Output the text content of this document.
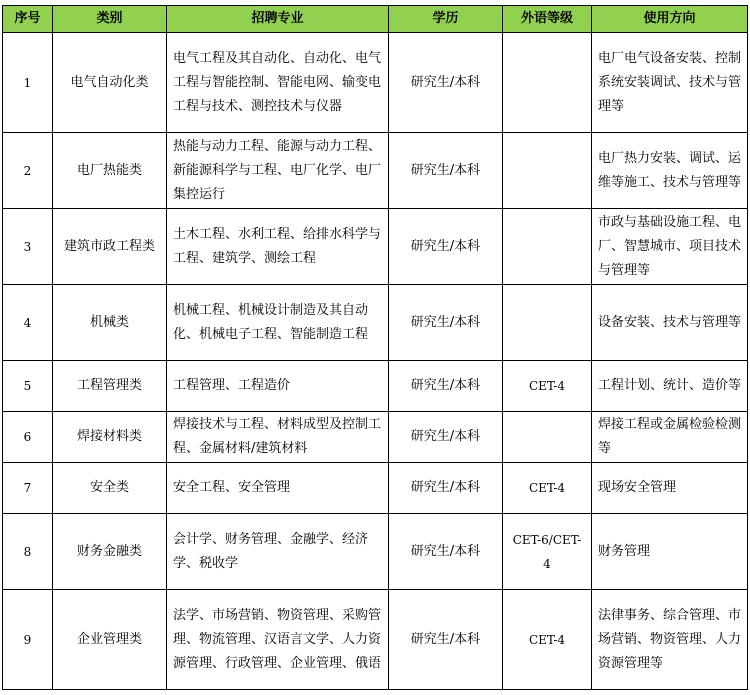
序号	类别	招聘专业	学历	外语等级	使用方向
1	电气自动化类	电气工程及其自动化、自动化、电气工程与智能控制、智能电网、输变电工程与技术、测控技术与仪器	研究生/本科		电厂电气设备安装、控制系统安装调试、技术与管理等
2	电厂热能类	热能与动力工程、能源与动力工程、新能源科学与工程、电厂化学、电厂集控运行	研究生/本科		电厂热力安装、调试、运维等施工、技术与管理等
3	建筑市政工程类	土木工程、水利工程、给排水科学与工程、建筑学、测绘工程	研究生/本科		市政与基础设施工程、电厂、智慧城市、项目技术与管理等
4	机械类	机械工程、机械设计制造及其自动化、机械电子工程、智能制造工程	研究生/本科		设备安装、技术与管理等
5	工程管理类	工程管理、工程造价	研究生/本科	CET-4	工程计划、统计、造价等
6	焊接材料类	焊接技术与工程、材料成型及控制工程、金属材料/建筑材料	研究生/本科		焊接工程或金属检验检测等
7	安全类	安全工程、安全管理	研究生/本科	CET-4	现场安全管理
8	财务金融类	会计学、财务管理、金融学、经济学、税收学	研究生/本科	CET-6/CET-4	财务管理
9	企业管理类	法学、市场营销、物资管理、采购管理、物流管理、汉语言文学、人力资源管理、行政管理、企业管理、俄语	研究生/本科	CET-4	法律事务、综合管理、市场营销、物资管理、人力资源管理等
